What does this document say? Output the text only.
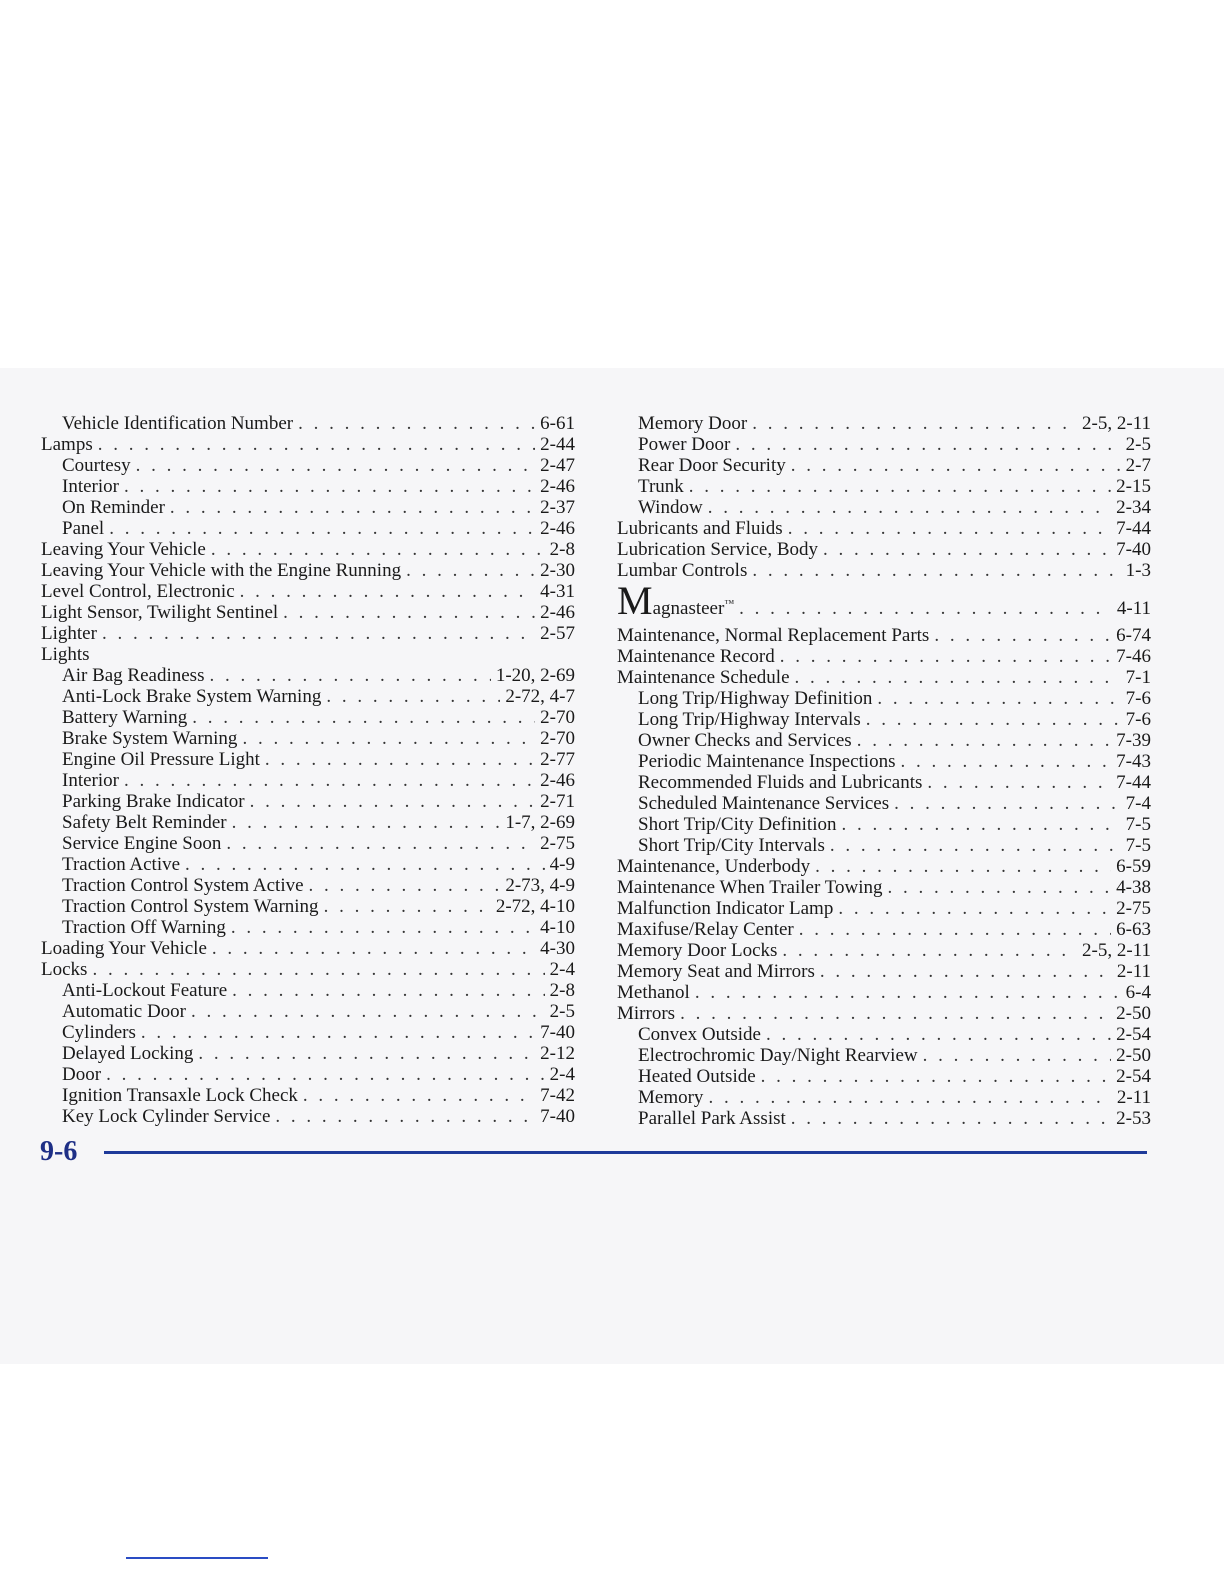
Vehicle Identification Number . . .	6-61
Lamps . . .	2-44
Courtesy . . .	2-47
Interior . . .	2-46
On Reminder . . .	2-37
Panel . . .	2-46
Leaving Your Vehicle . . .	2-8
Leaving Your Vehicle with the Engine Running . . .	2-30
Level Control, Electronic . . .	4-31
Light Sensor, Twilight Sentinel . . .	2-46
Lighter . . .	2-57
Lights
Air Bag Readiness . . .	1-20, 2-69
Anti-Lock Brake System Warning . . .	2-72, 4-7
Battery Warning . . .	2-70
Brake System Warning . . .	2-70
Engine Oil Pressure Light . . .	2-77
Interior . . .	2-46
Parking Brake Indicator . . .	2-71
Safety Belt Reminder . . .	1-7, 2-69
Service Engine Soon . . .	2-75
Traction Active . . .	4-9
Traction Control System Active . . .	2-73, 4-9
Traction Control System Warning . . .	2-72, 4-10
Traction Off Warning . . .	4-10
Loading Your Vehicle . . .	4-30
Locks . . .	2-4
Anti-Lockout Feature . . .	2-8
Automatic Door . . .	2-5
Cylinders . . .	7-40
Delayed Locking . . .	2-12
Door . . .	2-4
Ignition Transaxle Lock Check . . .	7-42
Key Lock Cylinder Service . . .	7-40
Memory Door . . .	2-5, 2-11
Power Door . . .	2-5
Rear Door Security . . .	2-7
Trunk . . .	2-15
Window . . .	2-34
Lubricants and Fluids . . .	7-44
Lubrication Service, Body . . .	7-40
Lumbar Controls . . .	1-3
Magnasteer™ . . .	4-11
Maintenance, Normal Replacement Parts . . .	6-74
Maintenance Record . . .	7-46
Maintenance Schedule . . .	7-1
Long Trip/Highway Definition . . .	7-6
Long Trip/Highway Intervals . . .	7-6
Owner Checks and Services . . .	7-39
Periodic Maintenance Inspections . . .	7-43
Recommended Fluids and Lubricants . . .	7-44
Scheduled Maintenance Services . . .	7-4
Short Trip/City Definition . . .	7-5
Short Trip/City Intervals . . .	7-5
Maintenance, Underbody . . .	6-59
Maintenance When Trailer Towing . . .	4-38
Malfunction Indicator Lamp . . .	2-75
Maxifuse/Relay Center . . .	6-63
Memory Door Locks . . .	2-5, 2-11
Memory Seat and Mirrors . . .	2-11
Methanol . . .	6-4
Mirrors . . .	2-50
Convex Outside . . .	2-54
Electrochromic Day/Night Rearview . . .	2-50
Heated Outside . . .	2-54
Memory . . .	2-11
Parallel Park Assist . . .	2-53
9-6
